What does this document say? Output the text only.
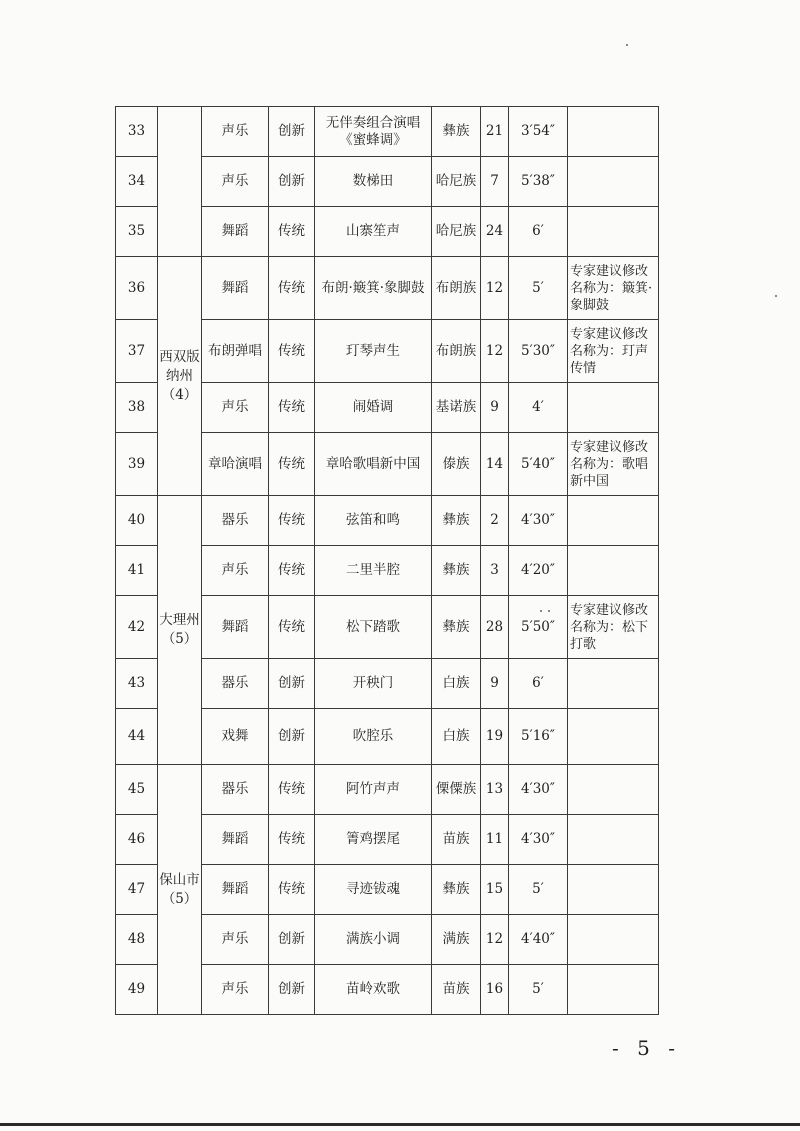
33		声乐	创新	无伴奏组合演唱《蜜蜂调》	彝族	21	3′54″	
34		声乐	创新	数梯田	哈尼族	7	5′38″	
35		舞蹈	传统	山寨笙声	哈尼族	24	6′	
36	西双版纳州（4）	舞蹈	传统	布朗·簸箕·象脚鼓	布朗族	12	5′	专家建议修改名称为：簸箕·象脚鼓
37		布朗弹唱	传统	玎琴声生	布朗族	12	5′30″	专家建议修改名称为：玎声传情
38		声乐	传统	闹婚调	基诺族	9	4′	
39		章哈演唱	传统	章哈歌唱新中国	傣族	14	5′40″	专家建议修改名称为：歌唱新中国
40	大理州（5）	器乐	传统	弦笛和鸣	彝族	2	4′30″	
41		声乐	传统	二里半腔	彝族	3	4′20″	
42		舞蹈	传统	松下踏歌	彝族	28	5′50″	专家建议修改名称为：松下打歌
43		器乐	创新	开秧门	白族	9	6′	
44		戏舞	创新	吹腔乐	白族	19	5′16″	
45	保山市（5）	器乐	传统	阿竹声声	傈僳族	13	4′30″	
46		舞蹈	传统	箐鸡摆尾	苗族	11	4′30″	
47		舞蹈	传统	寻迹钹魂	彝族	15	5′	
48		声乐	创新	满族小调	满族	12	4′40″	
49		声乐	创新	苗岭欢歌	苗族	16	5′	
- 5 -
